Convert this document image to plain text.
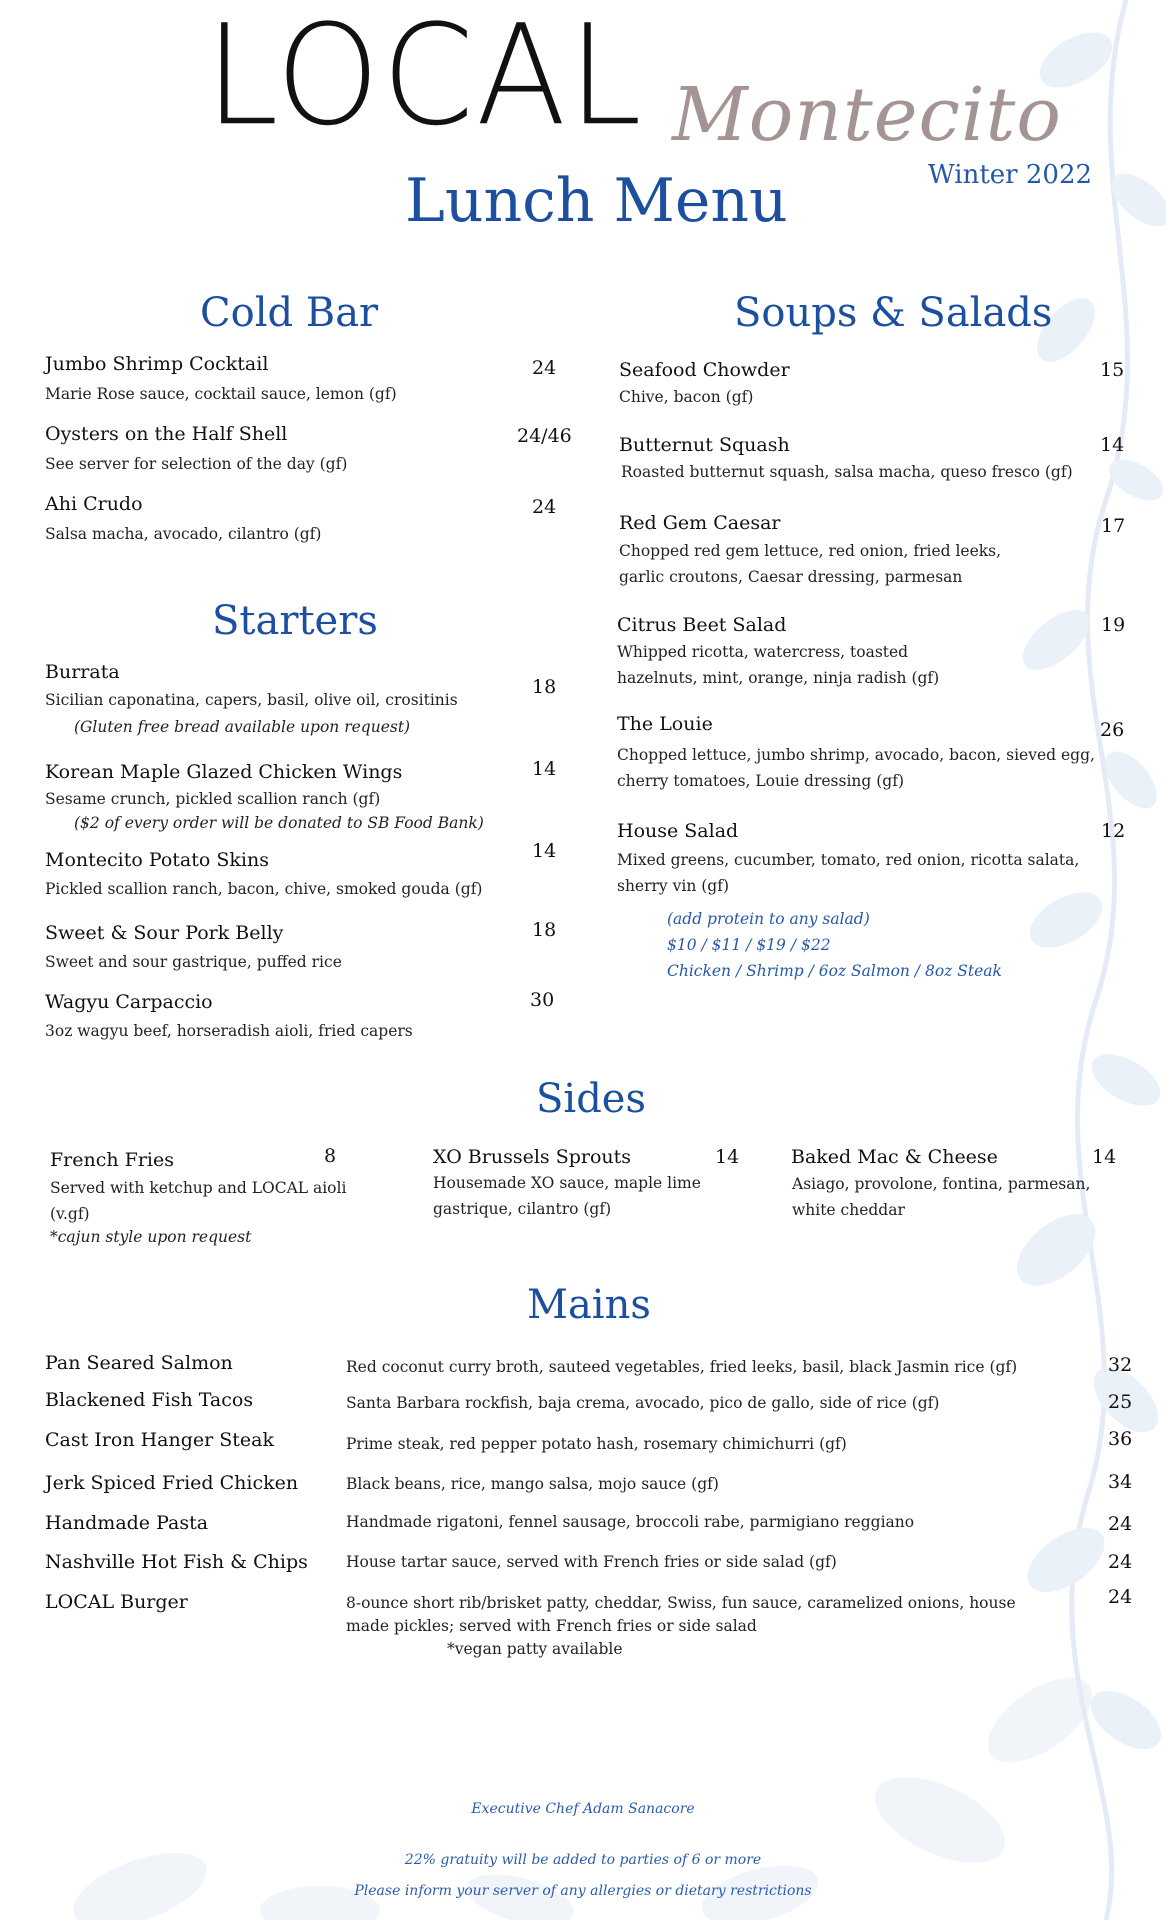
LOCAL Montecito
Winter 2022
Lunch Menu
Cold Bar
Jumbo Shrimp Cocktail	24
Marie Rose sauce, cocktail sauce, lemon (gf)
Oysters on the Half Shell	24/46
See server for selection of the day (gf)
Ahi Crudo	24
Salsa macha, avocado, cilantro (gf)
Starters
Burrata
18
Sicilian caponatina, capers, basil, olive oil, crositinis
(Gluten free bread available upon request)
Korean Maple Glazed Chicken Wings	14
Sesame crunch, pickled scallion ranch (gf)
($2 of every order will be donated to SB Food Bank)
Montecito Potato Skins	14
Pickled scallion ranch, bacon, chive, smoked gouda (gf)
Sweet & Sour Pork Belly	18
Sweet and sour gastrique, puffed rice
Wagyu Carpaccio	30
3oz wagyu beef, horseradish aioli, fried capers
Soups & Salads
Seafood Chowder	15
Chive, bacon (gf)
Butternut Squash	14
Roasted butternut squash, salsa macha, queso fresco (gf)
Red Gem Caesar	17
Chopped red gem lettuce, red onion, fried leeks,
garlic croutons, Caesar dressing, parmesan
Citrus Beet Salad	19
Whipped ricotta, watercress, toasted
hazelnuts, mint, orange, ninja radish (gf)
The Louie	26
Chopped lettuce, jumbo shrimp, avocado, bacon, sieved egg,
cherry tomatoes, Louie dressing (gf)
House Salad	12
Mixed greens, cucumber, tomato, red onion, ricotta salata,
sherry vin (gf)
(add protein to any salad)
$10 / $11 / $19 / $22
Chicken / Shrimp / 6oz Salmon / 8oz Steak
Sides
French Fries	8
Served with ketchup and LOCAL aioli
(v.gf)
*cajun style upon request
XO Brussels Sprouts	14
Housemade XO sauce, maple lime
gastrique, cilantro (gf)
Baked Mac & Cheese	14
Asiago, provolone, fontina, parmesan,
white cheddar
Mains
Pan Seared Salmon	Red coconut curry broth, sauteed vegetables, fried leeks, basil, black Jasmin rice (gf)	32
Blackened Fish Tacos	Santa Barbara rockfish, baja crema, avocado, pico de gallo, side of rice (gf)	25
Cast Iron Hanger Steak	Prime steak, red pepper potato hash, rosemary chimichurri (gf)	36
Jerk Spiced Fried Chicken	Black beans, rice, mango salsa, mojo sauce (gf)	34
Handmade Pasta	Handmade rigatoni, fennel sausage, broccoli rabe, parmigiano reggiano	24
Nashville Hot Fish & Chips House tartar sauce, served with French fries or side salad (gf)	24
LOCAL Burger	8-ounce short rib/brisket patty, cheddar, Swiss, fun sauce, caramelized onions, house
made pickles; served with French fries or side salad
*vegan patty available
24
Executive Chef Adam Sanacore
22% gratuity will be added to parties of 6 or more
Please inform your server of any allergies or dietary restrictions
